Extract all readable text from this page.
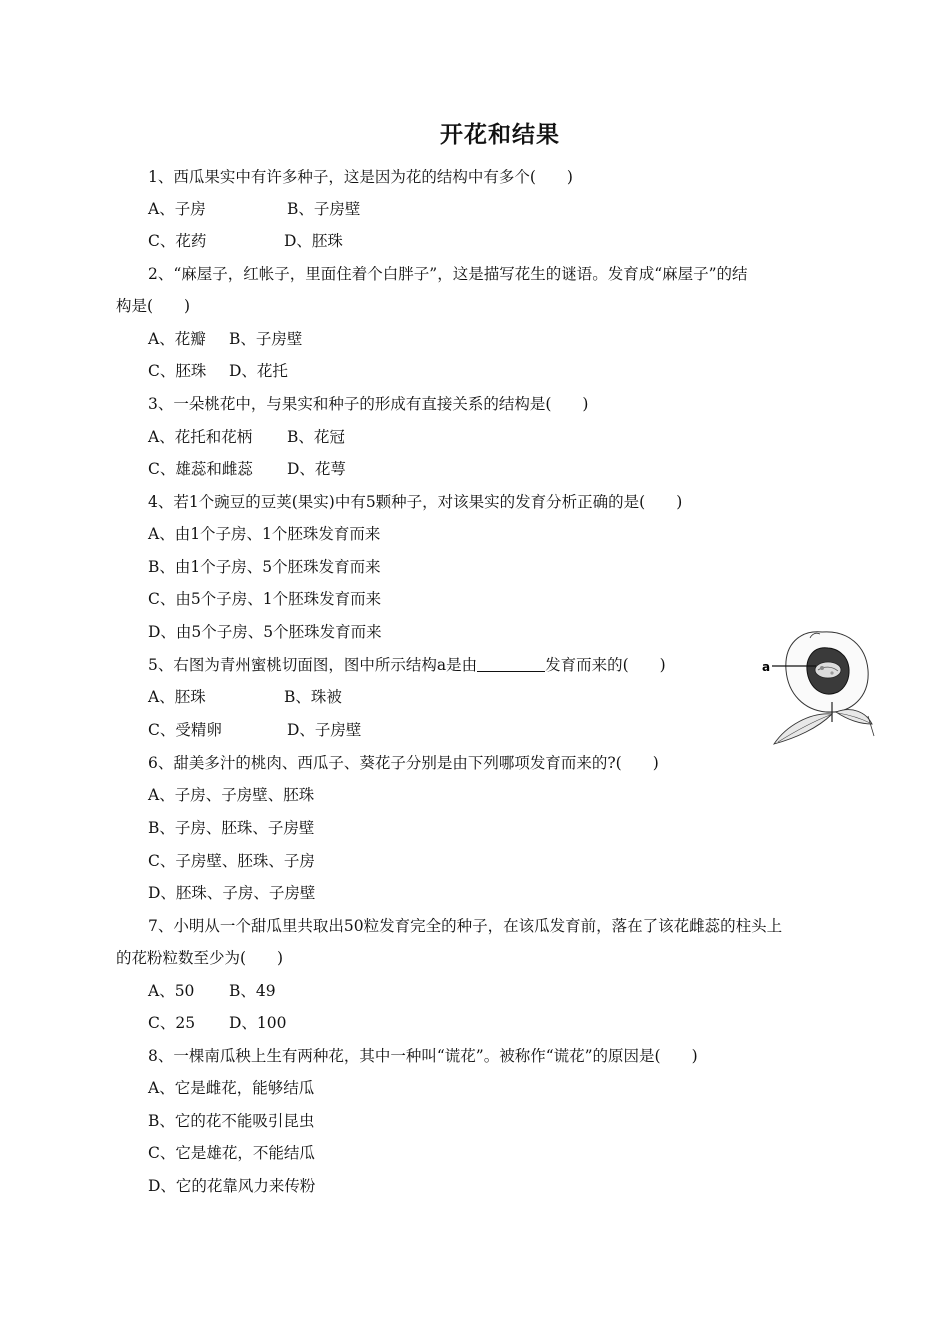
开花和结果
1、西瓜果实中有许多种子，这是因为花的结构中有多个(　　)
A、子房	B、子房壁
C、花药	D、胚珠
2、“麻屋子，红帐子，里面住着个白胖子”，这是描写花生的谜语。发育成“麻屋子”的结
构是(　　)
A、花瓣 B、子房壁
C、胚珠 D、花托
3、一朵桃花中，与果实和种子的形成有直接关系的结构是(　　)
A、花托和花柄 B、花冠
C、雄蕊和雌蕊 D、花萼
4、若1个豌豆的豆荚(果实)中有5颗种子，对该果实的发育分析正确的是(　　)
A、由1个子房、1个胚珠发育而来
B、由1个子房、5个胚珠发育而来
C、由5个子房、1个胚珠发育而来
D、由5个子房、5个胚珠发育而来
5、右图为青州蜜桃切面图，图中所示结构a是由	发育而来的(　　)
A、胚珠	B、珠被
C、受精卵	D、子房壁
a
6、甜美多汁的桃肉、西瓜子、葵花子分别是由下列哪项发育而来的?(　　)
A、子房、子房壁、胚珠
B、子房、胚珠、子房壁
C、子房壁、胚珠、子房
D、胚珠、子房、子房壁
7、小明从一个甜瓜里共取出50粒发育完全的种子，在该瓜发育前，落在了该花雌蕊的柱头上
的花粉粒数至少为(　　)
A、50 B、49
C、25 D、100
8、一棵南瓜秧上生有两种花，其中一种叫“谎花”。被称作“谎花”的原因是(　　)
A、它是雌花，能够结瓜
B、它的花不能吸引昆虫
C、它是雄花，不能结瓜
D、它的花靠风力来传粉
